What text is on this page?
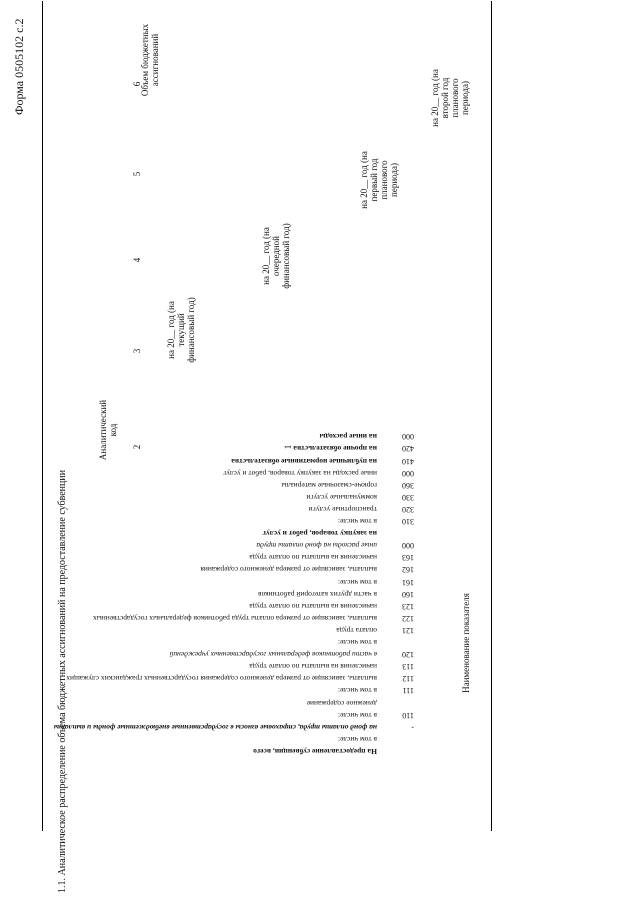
Форма 0505102 с.2
1.1. Аналитическое распределение объема бюджетных ассигнований на предоставление субвенции	Наименование показателя
Аналитический код
Объем бюджетных ассигнований
на 20__ год (на текущий финансовый год)
на 20__ год (на очередной финансовый год)
на 20__ год (на первый год планового периода)
на 20__ год (на второй год планового периода)
1
2
3
4
5
6
На предоставление субвенции, всего
в том числе:
на фонд оплаты труда, страховые взносы в государственные внебюджетные фонды и выплаты	-
в том числе:	110
денежное содержание
в том числе:	111
выплаты, зависящие от размера денежного содержания государственных гражданских служащих	112
начисления на выплаты по оплате труда	113
в части работников федеральных государственных учреждений	120
в том числе:
оплата труда	121
выплаты, зависящие от размера оплаты труда работников федеральных государственных	122
начисления на выплаты по оплате труда	123
в части других категорий работников	160
в том числе:	161
выплаты, зависящие от размера денежного содержания	162
начисления на выплаты по оплате труда	163
иные расходы на фонд оплаты труда	000
на закупку товаров, работ и услуг
в том числе:	310
транспортные услуги	320
коммунальные услуги	330
горюче-смазочные материалы	360
иные расходы на закупку товаров, работ и услуг	000
на публичные нормативные обязательства	410
на прочие обязательства	420
на иные расходы	000
